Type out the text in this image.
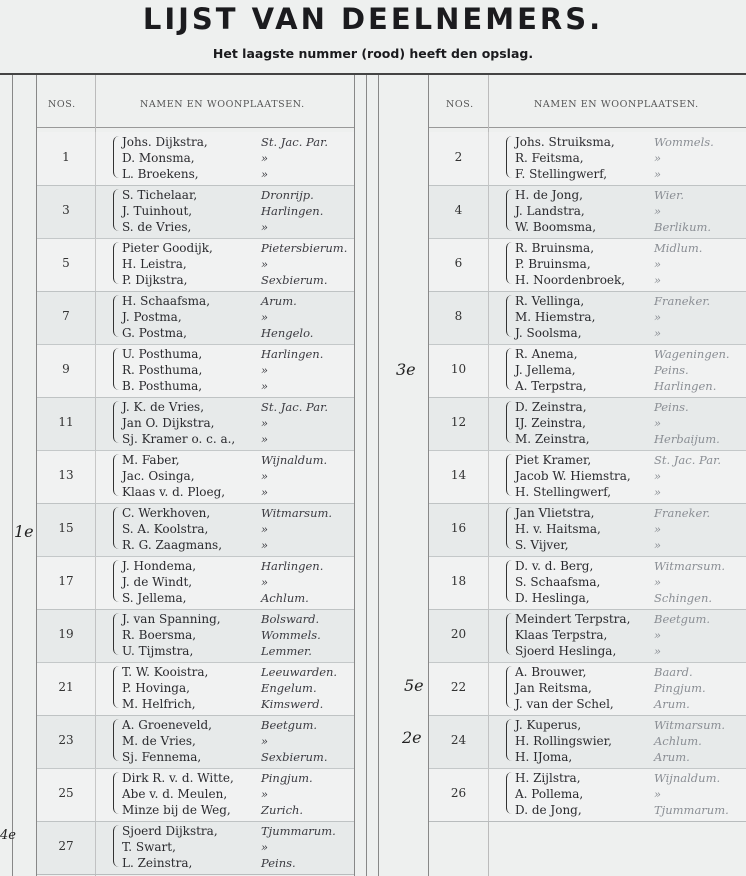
LIJST VAN DEELNEMERS.
Het laagste nummer (rood) heeft den opslag.
NOS.	NAMEN EN WOONPLAATSEN.	NOS.	NAMEN EN WOONPLAATSEN.
1
Johs. Dijkstra,	St. Jac. Par.
D. Monsma,	»
L. Broekens,	»
3
S. Tichelaar,	Dronrijp.
J. Tuinhout,	Harlingen.
S. de Vries,	»
5
Pieter Goodijk,	Pietersbierum.
H. Leistra,	»
P. Dijkstra,	Sexbierum.
7
H. Schaafsma,	Arum.
J. Postma,	»
G. Postma,	Hengelo.
9
U. Posthuma,	Harlingen.
R. Posthuma,	»
B. Posthuma,	»
11
J. K. de Vries,	St. Jac. Par.
Jan O. Dijkstra,	»
Sj. Kramer o. c. a., »
13
M. Faber,	Wijnaldum.
Jac. Osinga,	»
Klaas v. d. Ploeg,	»
15
C. Werkhoven,	Witmarsum.
S. A. Koolstra,	»
R. G. Zaagmans,	»
17
J. Hondema,	Harlingen.
J. de Windt,	»
S. Jellema,	Achlum.
19
J. van Spanning,	Bolsward.
R. Boersma,	Wommels.
U. Tijmstra,	Lemmer.
21
T. W. Kooistra,	Leeuwarden.
P. Hovinga,	Engelum.
M. Helfrich,	Kimswerd.
23
A. Groeneveld,	Beetgum.
M. de Vries,	»
Sj. Fennema,	Sexbierum.
25
Dirk R. v. d. Witte, Pingjum.
Abe v. d. Meulen,	»
Minze bij de Weg,	Zurich.
27
Sjoerd Dijkstra,	Tjummarum.
T. Swart,	»
L. Zeinstra,	Peins.
2
Johs. Struiksma,	Wommels.
R. Feitsma,	»
F. Stellingwerf,	»
4
H. de Jong,	Wier.
J. Landstra,	»
W. Boomsma,	Berlikum.
6
R. Bruinsma,	Midlum.
P. Bruinsma,	»
H. Noordenbroek,	»
8
R. Vellinga,	Franeker.
M. Hiemstra,	»
J. Soolsma,	»
10
R. Anema,	Wageningen.
J. Jellema,	Peins.
A. Terpstra,	Harlingen.
12
D. Zeinstra,	Peins.
IJ. Zeinstra,	»
M. Zeinstra,	Herbaijum.
14
Piet Kramer,	St. Jac. Par.
Jacob W. Hiemstra, »
H. Stellingwerf,	»
16
Jan Vlietstra,	Franeker.
H. v. Haitsma,	»
S. Vijver,	»
18
D. v. d. Berg,	Witmarsum.
S. Schaafsma,	»
D. Heslinga,	Schingen.
20
Meindert Terpstra, Beetgum.
Klaas Terpstra,	»
Sjoerd Heslinga,	»
22
A. Brouwer,	Baard.
Jan Reitsma,	Pingjum.
J. van der Schel,	Arum.
24
J. Kuperus,	Witmarsum.
H. Rollingswier,	Achlum.
H. IJoma,	Arum.
26
H. Zijlstra,	Wijnaldum.
A. Pollema,	»
D. de Jong,	Tjummarum.
3e
1e
5e
2e
4e
